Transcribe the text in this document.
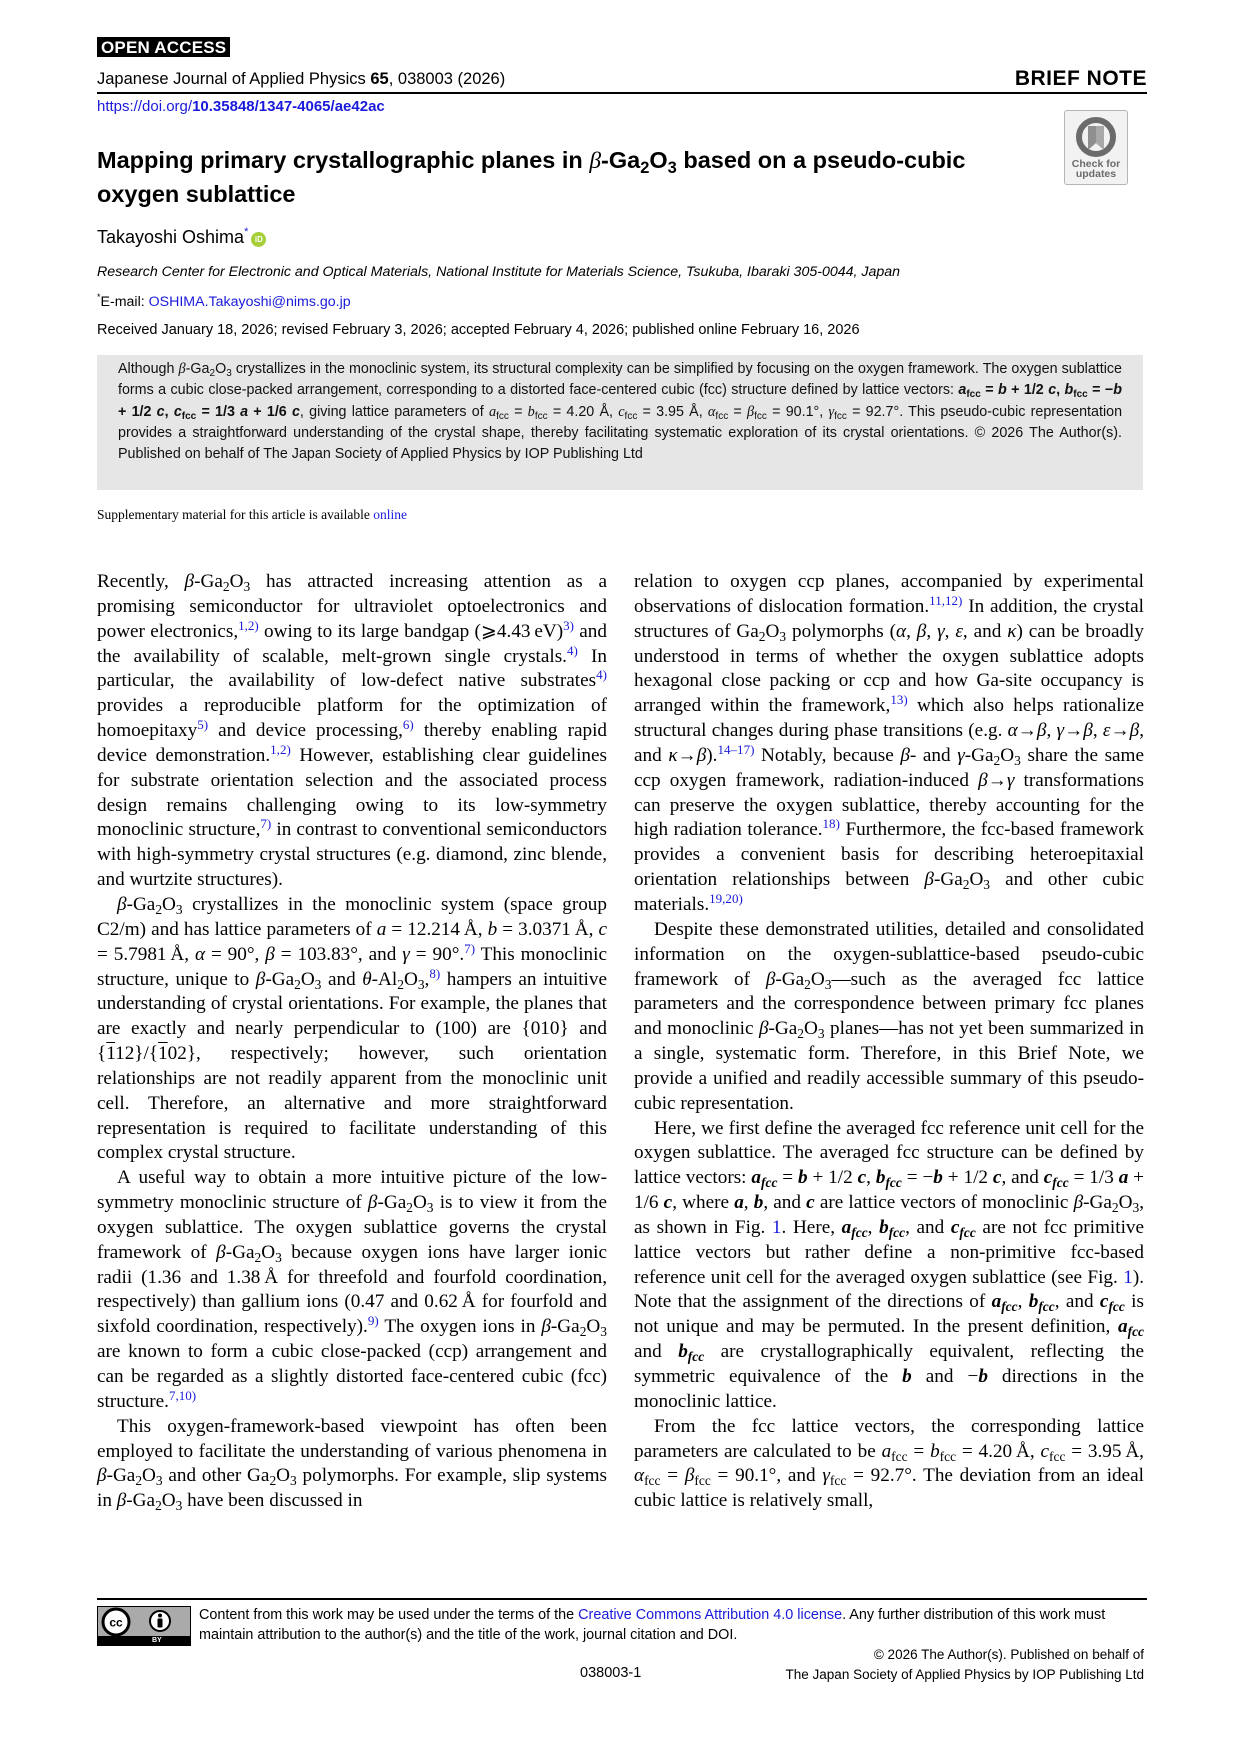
OPEN ACCESS
Japanese Journal of Applied Physics 65, 038003 (2026)	BRIEF NOTE
https://doi.org/10.35848/1347-4065/ae42ac
Check for
updates
Mapping primary crystallographic planes in $\beta-Ga_2O_3$ based on a pseudo-cubic oxygen sublattice
Takayoshi Oshima*iD
Research Center for Electronic and Optical Materials, National Institute for Materials Science, Tsukuba, Ibaraki 305-0044, Japan
*E-mail: OSHIMA.Takayoshi@nims.go.jp
Received January 18, 2026; revised February 3, 2026; accepted February 4, 2026; published online February 16, 2026
Although $\beta-Ga_2O_3$ crystallizes in the monoclinic system, its structural complexity can be simplified by focusing on the oxygen framework. The oxygen sublattice forms a cubic close-packed arrangement, corresponding to a distorted face-centered cubic (fcc) structure defined by lattice vectors: $a_{fcc} = b + 1/2$ c, $b_{fcc} = -b + 1/2$ c, $c_{fcc} = 1/3$ a + 1/6 c, giving lattice parameters of $a_{fcc} = b_{fcc} = 4.20$ Å, $c_{fcc} = 3.95$ Å, $\alpha_{fcc} = \beta_{fcc} = 90.1^\circ$, $\gamma_{fcc} = 92.7^\circ$. This pseudo-cubic representation provides a straightforward understanding of the crystal shape, thereby facilitating systematic exploration of its crystal orientations. © 2026 The Author(s). Published on behalf of The Japan Society of Applied Physics by IOP Publishing Ltd
Supplementary material for this article is available online

Recently, $\beta-Ga_2O_3$ has attracted increasing attention as a promising semiconductor for ultraviolet optoelectronics and power electronics,$^{1,2)}$ owing to its large bandgap (⩾4.43 eV)$^{3)}$ and the availability of scalable, melt-grown single crystals.$^{4)}$ In particular, the availability of low-defect native substrates$^{4)}$ provides a reproducible platform for the optimization of homoepitaxy$^{5)}$ and device processing,$^{6)}$ thereby enabling rapid device demonstration.$^{1,2)}$ However, establishing clear guidelines for substrate orientation selection and the associated process design remains challenging owing to its low-symmetry monoclinic structure,$^{7)}$ in contrast to conventional semiconductors with high-symmetry crystal structures (e.g. diamond, zinc blende, and wurtzite structures).

$\beta-Ga_2O_3$ crystallizes in the monoclinic system (space group C2/m) and has lattice parameters of a = 12.214 Å, b = 3.0371 Å, c = 5.7981 Å, α = 90°, β = 103.83°, and γ = 90°.$^{7)}$ This monoclinic structure, unique to $\beta-Ga_2O_3$ and $\theta-Al_2O_3,^{8)}$ hampers an intuitive understanding of crystal orientations. For example, the planes that are exactly and nearly perpendicular to (100) are {010} and {112}/{102}, respectively; however, such orientation relationships are not readily apparent from the monoclinic unit cell. Therefore, an alternative and more straightforward representation is required to facilitate understanding of this complex crystal structure.

A useful way to obtain a more intuitive picture of the low-symmetry monoclinic structure of $\beta-Ga_2O_3$ is to view it from the oxygen sublattice. The oxygen sublattice governs the crystal framework of $\beta-Ga_2O_3$ because oxygen ions have larger ionic radii (1.36 and 1.38 Å for threefold and fourfold coordination, respectively) than gallium ions (0.47 and 0.62 Å for fourfold and sixfold coordination, respectively).$^{9)}$ The oxygen ions in $\beta-Ga_2O_3$ are known to form a cubic close-packed (ccp) arrangement and can be regarded as a slightly distorted face-centered cubic (fcc) structure.$^{7,10)}$

This oxygen-framework-based viewpoint has often been employed to facilitate the understanding of various phenomena in $\beta-Ga_2O_3$ and other $Ga_2O_3$ polymorphs. For example, slip systems in $\beta-Ga_2O_3$ have been discussed in

relation to oxygen ccp planes, accompanied by experimental observations of dislocation formation.$^{11,12)}$ In addition, the crystal structures of $Ga_2O_3$ polymorphs (α, β, γ, ε, and κ) can be broadly understood in terms of whether the oxygen sublattice adopts hexagonal close packing or ccp and how Ga-site occupancy is arranged within the framework,$^{13)}$ which also helps rationalize structural changes during phase transitions (e.g. α→β, γ→β, ε→β, and κ→β).$^{14-17)}$ Notably, because β- and $\gamma-Ga_2O_3$ share the same ccp oxygen framework, radiation-induced β→γ transformations can preserve the oxygen sublattice, thereby accounting for the high radiation tolerance.$^{18)}$ Furthermore, the fcc-based framework provides a convenient basis for describing heteroepitaxial orientation relationships between $\beta-Ga_2O_3$ and other cubic materials.$^{19,20)}$

Despite these demonstrated utilities, detailed and consolidated information on the oxygen-sublattice-based pseudo-cubic framework of $\beta-Ga_2O_3—such$ as the averaged fcc lattice parameters and the correspondence between primary fcc planes and monoclinic $\beta-Ga_2O_3$ planes—has not yet been summarized in a single, systematic form. Therefore, in this Brief Note, we provide a unified and readily accessible summary of this pseudo-cubic representation.

Here, we first define the averaged fcc reference unit cell for the oxygen sublattice. The averaged fcc structure can be defined by lattice vectors: $a_{fcc} = b + 1/2$ c, $b_{fcc} = -b + 1/2$ c, and $c_{fcc} = 1/3$ a + 1/6 c, where a, b, and c are lattice vectors of monoclinic $\beta-Ga_2O_3$, as shown in Fig. 1. Here, $a_{fcc}$, $b_{fcc}$, and $c_{fcc}$ are not fcc primitive lattice vectors but rather define a non-primitive fcc-based reference unit cell for the averaged oxygen sublattice (see Fig. 1). Note that the assignment of the directions of $a_{fcc}$, $b_{fcc}$, and $c_{fcc}$ is not unique and may be permuted. In the present definition, $a_{fcc}$ and $b_{fcc}$ are crystallographically equivalent, reflecting the symmetric equivalence of the b and −b directions in the monoclinic lattice.

From the fcc lattice vectors, the corresponding lattice parameters are calculated to be $a_{fcc} = b_{fcc} = 4.20$ Å, $c_{fcc} = 3.95$ Å, $\alpha_{fcc} = \beta_{fcc} = 90.1^\circ$, and $\gamma_{fcc} = 92.7^\circ$. The deviation from an ideal cubic lattice is relatively small,

cc
BY
Content from this work may be used under the terms of the Creative Commons Attribution 4.0 license. Any further distribution of this work must maintain attribution to the author(s) and the title of the work, journal citation and DOI.
© 2026 The Author(s). Published on behalf of
The Japan Society of Applied Physics by IOP Publishing Ltd
038003-1
